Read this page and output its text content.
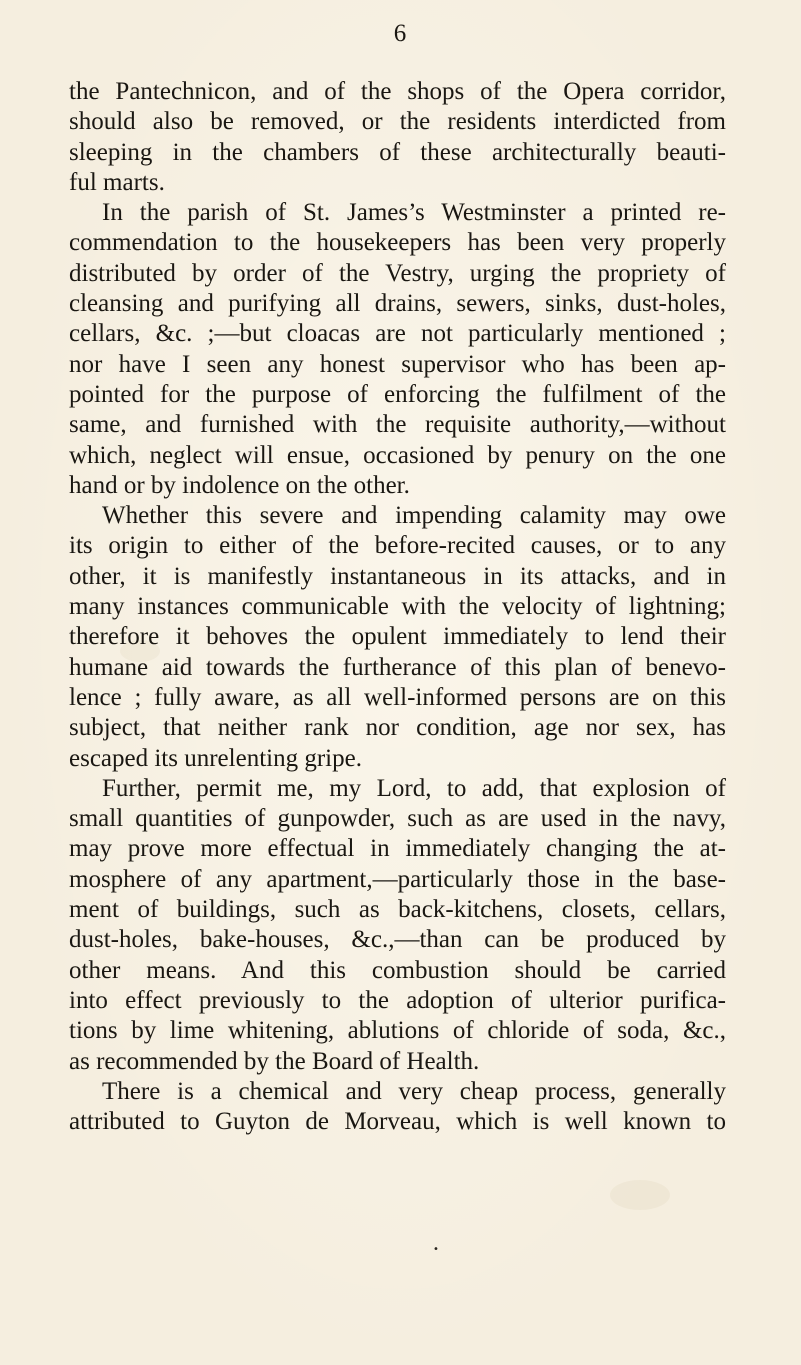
6
the Pantechnicon, and of the shops of the Opera corridor,
should also be removed, or the residents interdicted from
sleeping in the chambers of these architecturally beauti-
ful marts.
In the parish of St. James’s Westminster a printed re-
commendation to the housekeepers has been very properly
distributed by order of the Vestry, urging the propriety of
cleansing and purifying all drains, sewers, sinks, dust-holes,
cellars, &c. ;—but cloacas are not particularly mentioned ;
nor have I seen any honest supervisor who has been ap-
pointed for the purpose of enforcing the fulfilment of the
same, and furnished with the requisite authority,—without
which, neglect will ensue, occasioned by penury on the one
hand or by indolence on the other.
Whether this severe and impending calamity may owe
its origin to either of the before-recited causes, or to any
other, it is manifestly instantaneous in its attacks, and in
many instances communicable with the velocity of lightning;
therefore it behoves the opulent immediately to lend their
humane aid towards the furtherance of this plan of benevo-
lence ; fully aware, as all well-informed persons are on this
subject, that neither rank nor condition, age nor sex, has
escaped its unrelenting gripe.
Further, permit me, my Lord, to add, that explosion of
small quantities of gunpowder, such as are used in the navy,
may prove more effectual in immediately changing the at-
mosphere of any apartment,—particularly those in the base-
ment of buildings, such as back-kitchens, closets, cellars,
dust-holes, bake-houses, &c.,—than can be produced by
other means. And this combustion should be carried
into effect previously to the adoption of ulterior purifica-
tions by lime whitening, ablutions of chloride of soda, &c.,
as recommended by the Board of Health.
There is a chemical and very cheap process, generally
attributed to Guyton de Morveau, which is well known to
•
